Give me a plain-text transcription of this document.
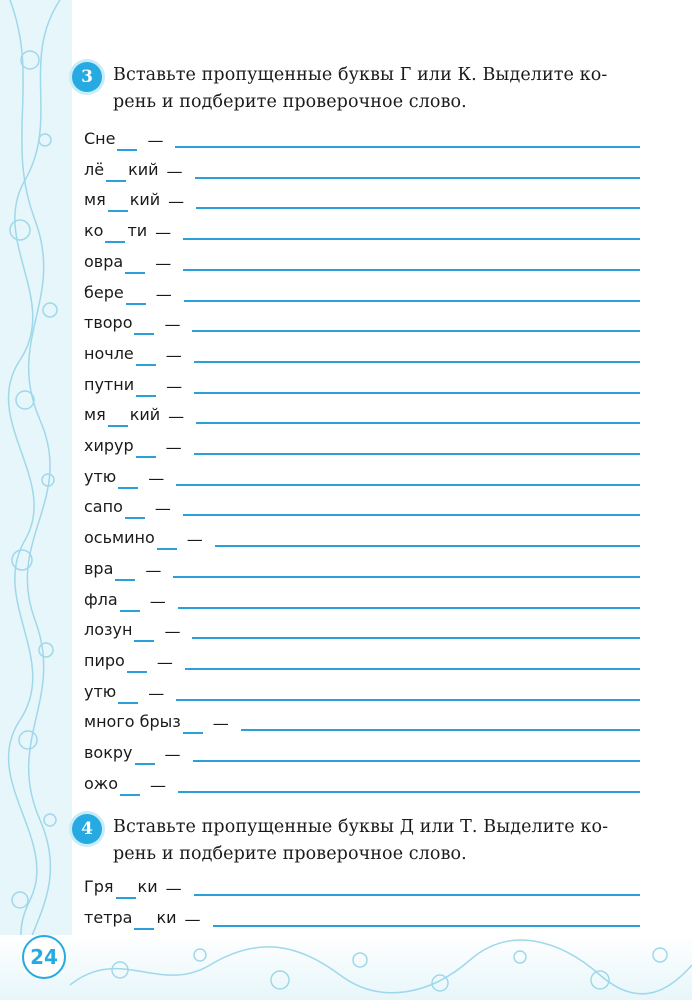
3	Вставьте пропущенные буквы Г или К. Выделите ко-
рень и подберите проверочное слово.
Сне	—
лё кий —
мя кий —
ко ти —
овра	—
бере	—
творо	—
ночле	—
путни	—
мя кий —
хирур	—
утю	—
сапо	—
осьмино	—
вра	—
фла	—
лозун	—
пиро	—
утю	—
много брыз	—
вокру	—
ожо	—
4	Вставьте пропущенные буквы Д или Т. Выделите ко-
рень и подберите проверочное слово.
Гря ки —
тетра ки —
24
